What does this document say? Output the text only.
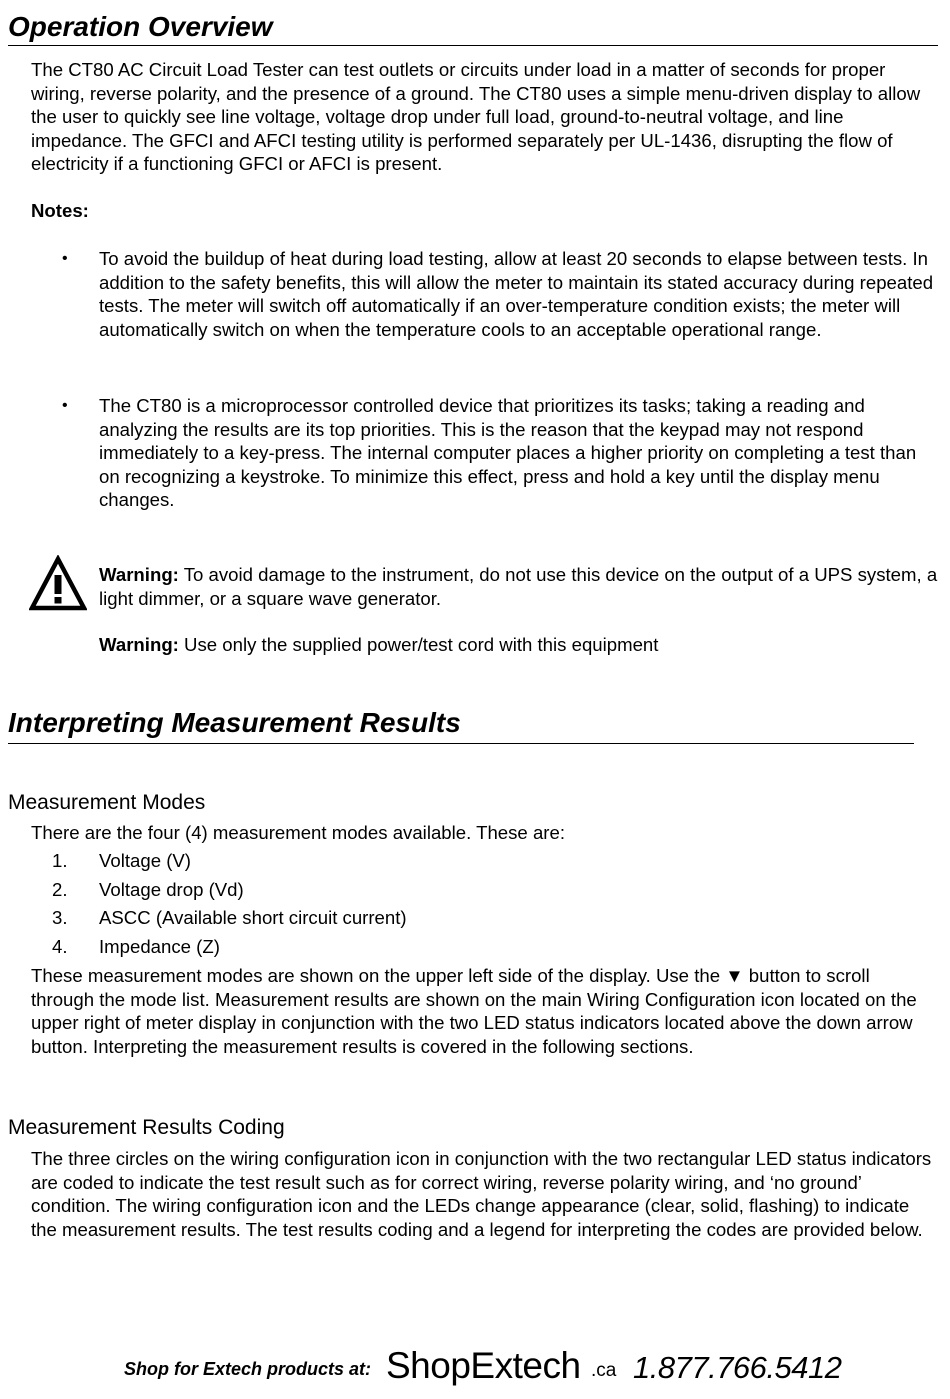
Operation Overview

The CT80 AC Circuit Load Tester can test outlets or circuits under load in a matter of seconds for proper wiring, reverse polarity, and the presence of a ground. The CT80 uses a simple menu-driven display to allow the user to quickly see line voltage, voltage drop under full load, ground-to-neutral voltage, and line impedance. The GFCI and AFCI testing utility is performed separately per UL-1436, disrupting the flow of electricity if a functioning GFCI or AFCI is present.

Notes:
• To avoid the buildup of heat during load testing, allow at least 20 seconds to elapse between tests. In addition to the safety benefits, this will allow the meter to maintain its stated accuracy during repeated tests. The meter will switch off automatically if an over-temperature condition exists; the meter will automatically switch on when the temperature cools to an acceptable operational range.

• The CT80 is a microprocessor controlled device that prioritizes its tasks; taking a reading and analyzing the results are its top priorities. This is the reason that the keypad may not respond immediately to a key-press. The internal computer places a higher priority on completing a test than on recognizing a keystroke. To minimize this effect, press and hold a key until the display menu changes.

Warning: To avoid damage to the instrument, do not use this device on the output of a UPS system, a light dimmer, or a square wave generator.

Warning: Use only the supplied power/test cord with this equipment

Interpreting Measurement Results
Measurement Modes

There are the four (4) measurement modes available. These are:

1.	Voltage (V)
2.	Voltage drop (Vd)
3.	ASCC (Available short circuit current)
4.	Impedance (Z)

These measurement modes are shown on the upper left side of the display. Use the ▼ button to scroll through the mode list. Measurement results are shown on the main Wiring Configuration icon located on the upper right of meter display in conjunction with the two LED status indicators located above the down arrow button. Interpreting the measurement results is covered in the following sections.

Measurement Results Coding

The three circles on the wiring configuration icon in conjunction with the two rectangular LED status indicators are coded to indicate the test result such as for correct wiring, reverse polarity wiring, and ‘no ground’ condition. The wiring configuration icon and the LEDs change appearance (clear, solid, flashing) to indicate the measurement results. The test results coding and a legend for interpreting the codes are provided below.

Shop for Extech products at: ShopExtech .ca 1.877.766.5412
